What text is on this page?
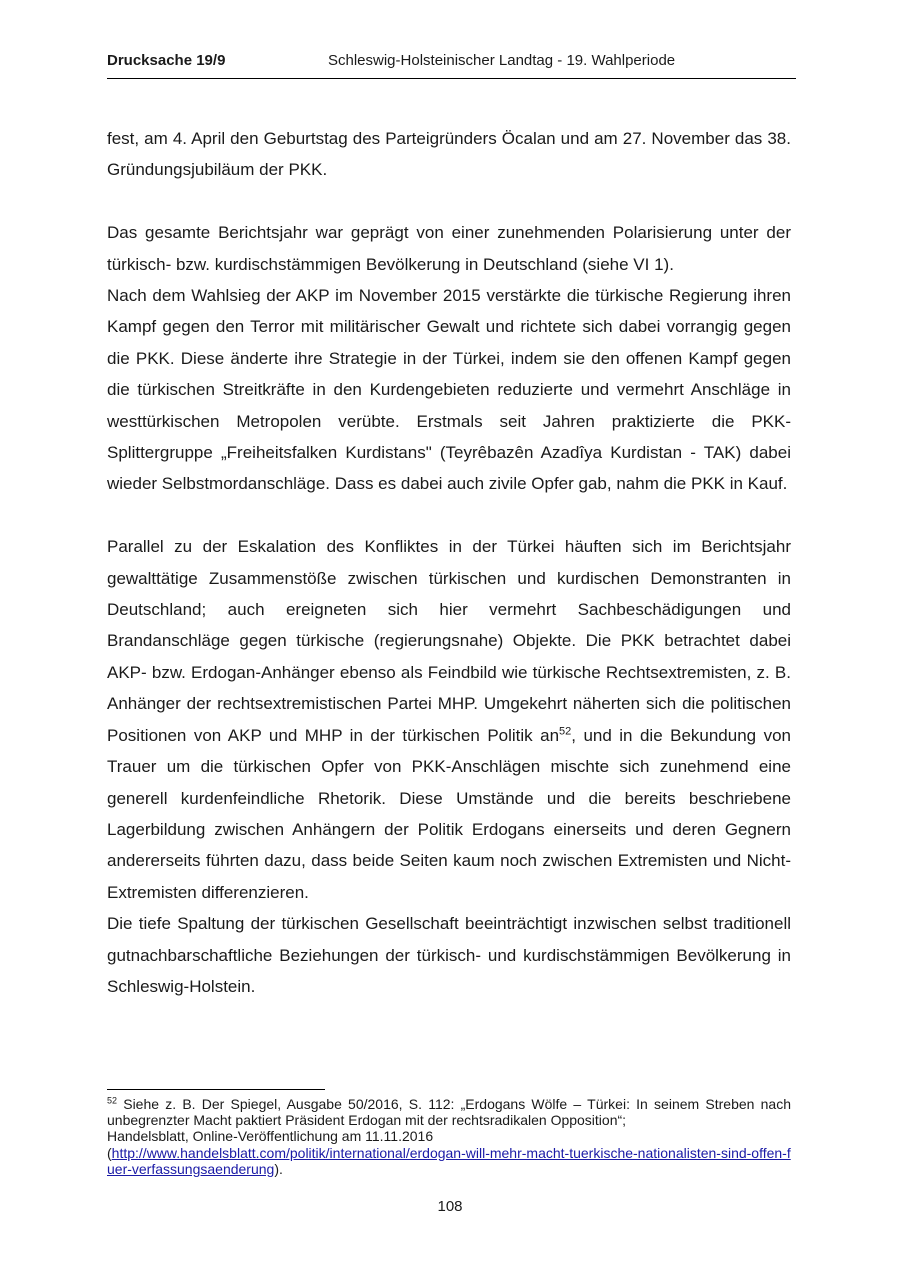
Drucksache 19/9	Schleswig-Holsteinischer Landtag - 19. Wahlperiode

fest, am 4. April den Geburtstag des Parteigründers Öcalan und am 27. November das 38. Gründungsjubiläum der PKK.

Das gesamte Berichtsjahr war geprägt von einer zunehmenden Polarisierung unter der türkisch- bzw. kurdischstämmigen Bevölkerung in Deutschland (siehe VI 1).

Nach dem Wahlsieg der AKP im November 2015 verstärkte die türkische Regierung ihren Kampf gegen den Terror mit militärischer Gewalt und richtete sich dabei vorrangig gegen die PKK. Diese änderte ihre Strategie in der Türkei, indem sie den offenen Kampf gegen die türkischen Streitkräfte in den Kurdengebieten reduzierte und vermehrt Anschläge in westtürkischen Metropolen verübte. Erstmals seit Jahren praktizierte die PKK-Splittergruppe „Freiheitsfalken Kurdistans" (Teyrêbazên Azadîya Kurdistan - TAK) dabei wieder Selbstmordanschläge. Dass es dabei auch zivile Opfer gab, nahm die PKK in Kauf.

Parallel zu der Eskalation des Konfliktes in der Türkei häuften sich im Berichtsjahr gewalttätige Zusammenstöße zwischen türkischen und kurdischen Demonstranten in Deutschland; auch ereigneten sich hier vermehrt Sachbeschädigungen und Brandanschläge gegen türkische (regierungsnahe) Objekte. Die PKK betrachtet dabei AKP- bzw. Erdogan-Anhänger ebenso als Feindbild wie türkische Rechtsextremisten, z. B. Anhänger der rechtsextremistischen Partei MHP. Umgekehrt näherten sich die politischen Positionen von AKP und MHP in der türkischen Politik an$^{52}$, und in die Bekundung von Trauer um die türkischen Opfer von PKK-Anschlägen mischte sich zunehmend eine generell kurdenfeindliche Rhetorik. Diese Umstände und die bereits beschriebene Lagerbildung zwischen Anhängern der Politik Erdogans einerseits und deren Gegnern andererseits führten dazu, dass beide Seiten kaum noch zwischen Extremisten und Nicht-Extremisten differenzieren.

Die tiefe Spaltung der türkischen Gesellschaft beeinträchtigt inzwischen selbst traditionell gutnachbarschaftliche Beziehungen der türkisch- und kurdischstämmigen Bevölkerung in Schleswig-Holstein.

$^{52}$ Siehe z. B. Der Spiegel, Ausgabe 50/2016, S. 112: „Erdogans Wölfe – Türkei: In seinem Streben nach unbegrenzter Macht paktiert Präsident Erdogan mit der rechtsradikalen Opposition“;
Handelsblatt, Online-Veröffentlichung am 11.11.2016
(http://www.handelsblatt.com/politik/international/erdogan-will-mehr-macht-tuerkische-nationalisten-sind-offen-fuer-verfassungsaenderung).
108
